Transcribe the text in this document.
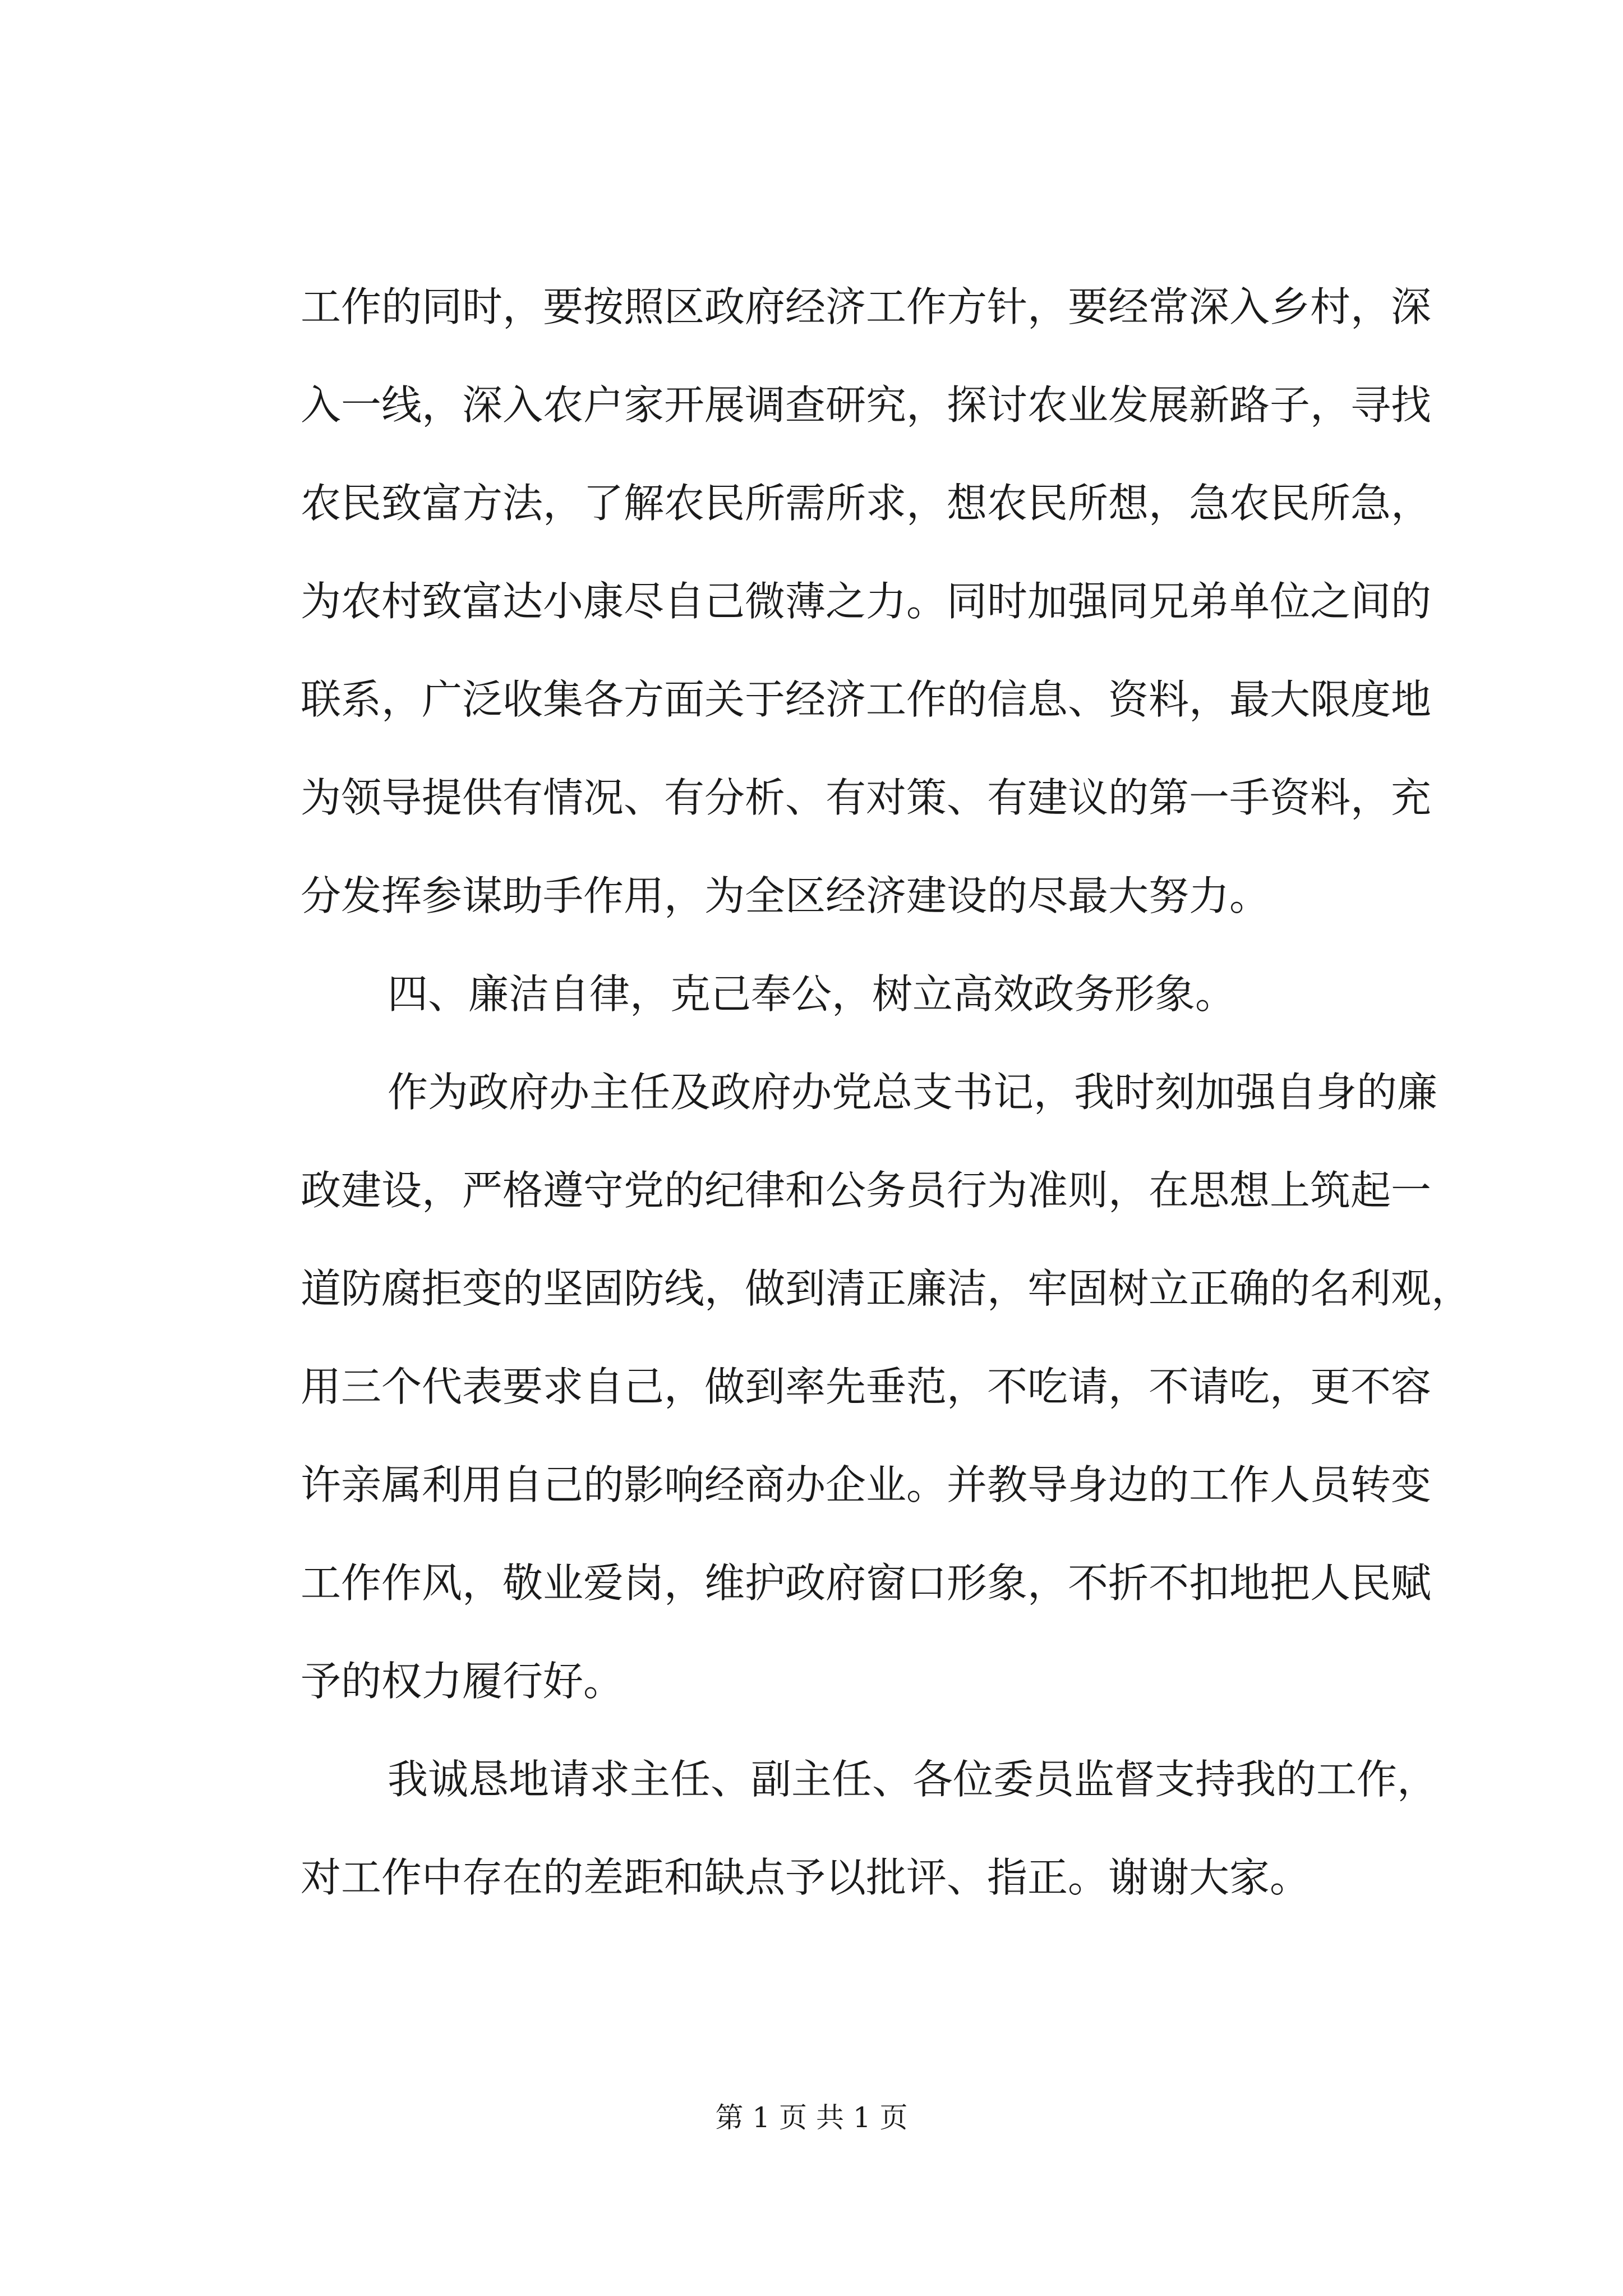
工作的同时，要按照区政府经济工作方针，要经常深入乡村，深
入一线，深入农户家开展调查研究，探讨农业发展新路子，寻找
农民致富方法，了解农民所需所求，想农民所想，急农民所急，
为农村致富达小康尽自己微薄之力。同时加强同兄弟单位之间的
联系，广泛收集各方面关于经济工作的信息、资料，最大限度地
为领导提供有情况、有分析、有对策、有建议的第一手资料，充
分发挥参谋助手作用，为全区经济建设的尽最大努力。
四、廉洁自律，克己奉公，树立高效政务形象。
作为政府办主任及政府办党总支书记，我时刻加强自身的廉
政建设，严格遵守党的纪律和公务员行为准则，在思想上筑起一
道防腐拒变的坚固防线，做到清正廉洁，牢固树立正确的名利观，
用三个代表要求自己，做到率先垂范，不吃请，不请吃，更不容
许亲属利用自己的影响经商办企业。并教导身边的工作人员转变
工作作风，敬业爱岗，维护政府窗口形象，不折不扣地把人民赋
予的权力履行好。
我诚恳地请求主任、副主任、各位委员监督支持我的工作，
对工作中存在的差距和缺点予以批评、指正。谢谢大家。
第 1 页 共 1 页
